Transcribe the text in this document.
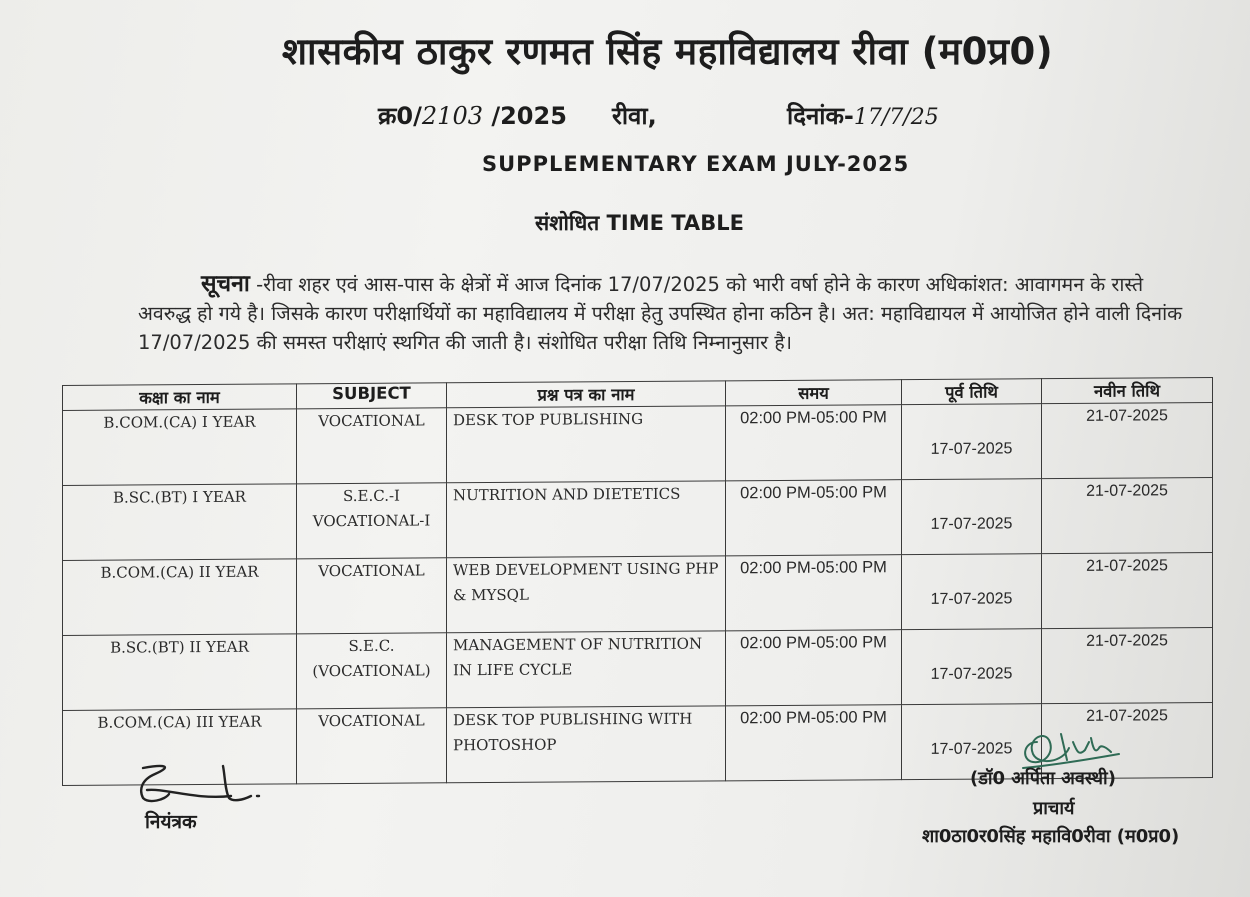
शासकीय ठाकुर रणमत सिंह महाविद्यालय रीवा (म0प्र0)
क्र0/2103 /2025 रीवा,	दिनांक-17/7/25
SUPPLEMENTARY EXAM JULY-2025
संशोधित TIME TABLE
सूचना -रीवा शहर एवं आस-पास के क्षेत्रों में आज दिनांक 17/07/2025 को भारी वर्षा होने के कारण अधिकांशत: आवागमन के रास्ते अवरुद्ध हो गये है। जिसके कारण परीक्षार्थियों का महाविद्यालय में परीक्षा हेतु उपस्थित होना कठिन है। अत: महाविद्यायल में आयोजित होने वाली दिनांक 17/07/2025 की समस्त परीक्षाएं स्थगित की जाती है। संशोधित परीक्षा तिथि निम्नानुसार है।
कक्षा का नाम	SUBJECT	प्रश्न पत्र का नाम	समय	पूर्व तिथि	नवीन तिथि
B.COM.(CA) I YEAR	VOCATIONAL	DESK TOP PUBLISHING	02:00 PM-05:00 PM	17-07-2025	21-07-2025
B.SC.(BT) I YEAR	S.E.C.-I VOCATIONAL-I	NUTRITION AND DIETETICS	02:00 PM-05:00 PM	17-07-2025	21-07-2025
B.COM.(CA) II YEAR	VOCATIONAL	WEB DEVELOPMENT USING PHP & MYSQL	02:00 PM-05:00 PM	17-07-2025	21-07-2025
B.SC.(BT) II YEAR	S.E.C. (VOCATIONAL)	MANAGEMENT OF NUTRITION IN LIFE CYCLE	02:00 PM-05:00 PM	17-07-2025	21-07-2025
B.COM.(CA) III YEAR	VOCATIONAL	DESK TOP PUBLISHING WITH PHOTOSHOP	02:00 PM-05:00 PM	17-07-2025	21-07-2025
नियंत्रक
(डॉ0 अर्पिता अवस्थी)
प्राचार्य
शा0ठा0र0सिंह महावि0रीवा (म0प्र0)
